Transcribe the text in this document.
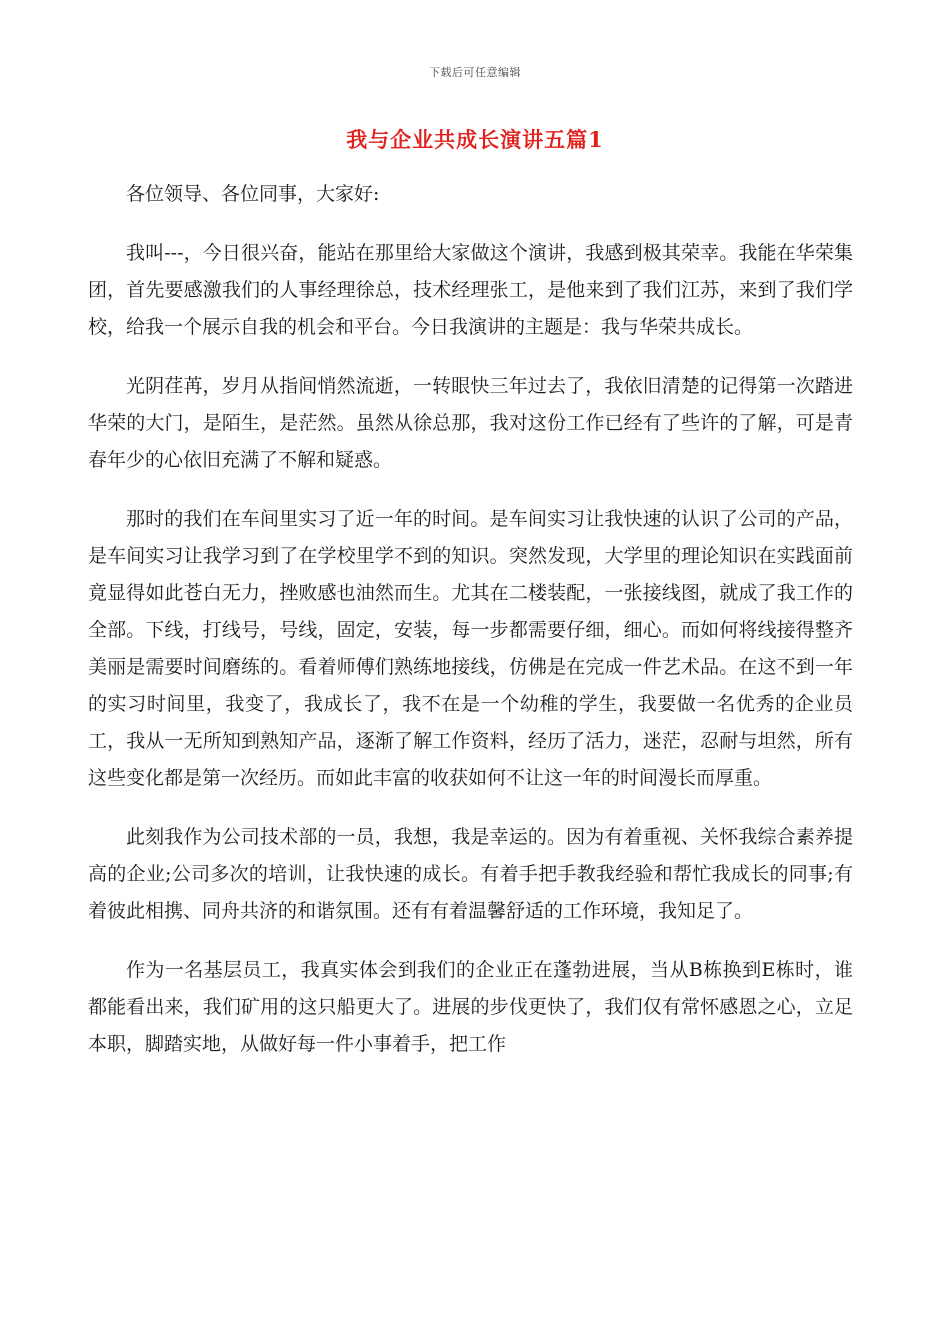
下载后可任意编辑
我与企业共成长演讲五篇1

各位领导、各位同事，大家好:

我叫---，今日很兴奋，能站在那里给大家做这个演讲，我感到极其荣幸。我能在华荣集团，首先要感激我们的人事经理徐总，技术经理张工，是他来到了我们江苏，来到了我们学校，给我一个展示自我的机会和平台。今日我演讲的主题是：我与华荣共成长。

光阴荏苒，岁月从指间悄然流逝，一转眼快三年过去了，我依旧清楚的记得第一次踏进华荣的大门，是陌生，是茫然。虽然从徐总那，我对这份工作已经有了些许的了解，可是青春年少的心依旧充满了不解和疑惑。

那时的我们在车间里实习了近一年的时间。是车间实习让我快速的认识了公司的产品，是车间实习让我学习到了在学校里学不到的知识。突然发现，大学里的理论知识在实践面前竟显得如此苍白无力，挫败感也油然而生。尤其在二楼装配，一张接线图，就成了我工作的全部。下线，打线号，号线，固定，安装，每一步都需要仔细，细心。而如何将线接得整齐美丽是需要时间磨练的。看着师傅们熟练地接线，仿佛是在完成一件艺术品。在这不到一年的实习时间里，我变了，我成长了，我不在是一个幼稚的学生，我要做一名优秀的企业员工，我从一无所知到熟知产品，逐渐了解工作资料，经历了活力，迷茫，忍耐与坦然，所有这些变化都是第一次经历。而如此丰富的收获如何不让这一年的时间漫长而厚重。

此刻我作为公司技术部的一员，我想，我是幸运的。因为有着重视、关怀我综合素养提高的企业;公司多次的培训，让我快速的成长。有着手把手教我经验和帮忙我成长的同事;有着彼此相携、同舟共济的和谐氛围。还有有着温馨舒适的工作环境，我知足了。

作为一名基层员工，我真实体会到我们的企业正在蓬勃进展，当从B栋换到E栋时，谁都能看出来，我们矿用的这只船更大了。进展的步伐更快了，我们仅有常怀感恩之心，立足本职，脚踏实地，从做好每一件小事着手，把工作
